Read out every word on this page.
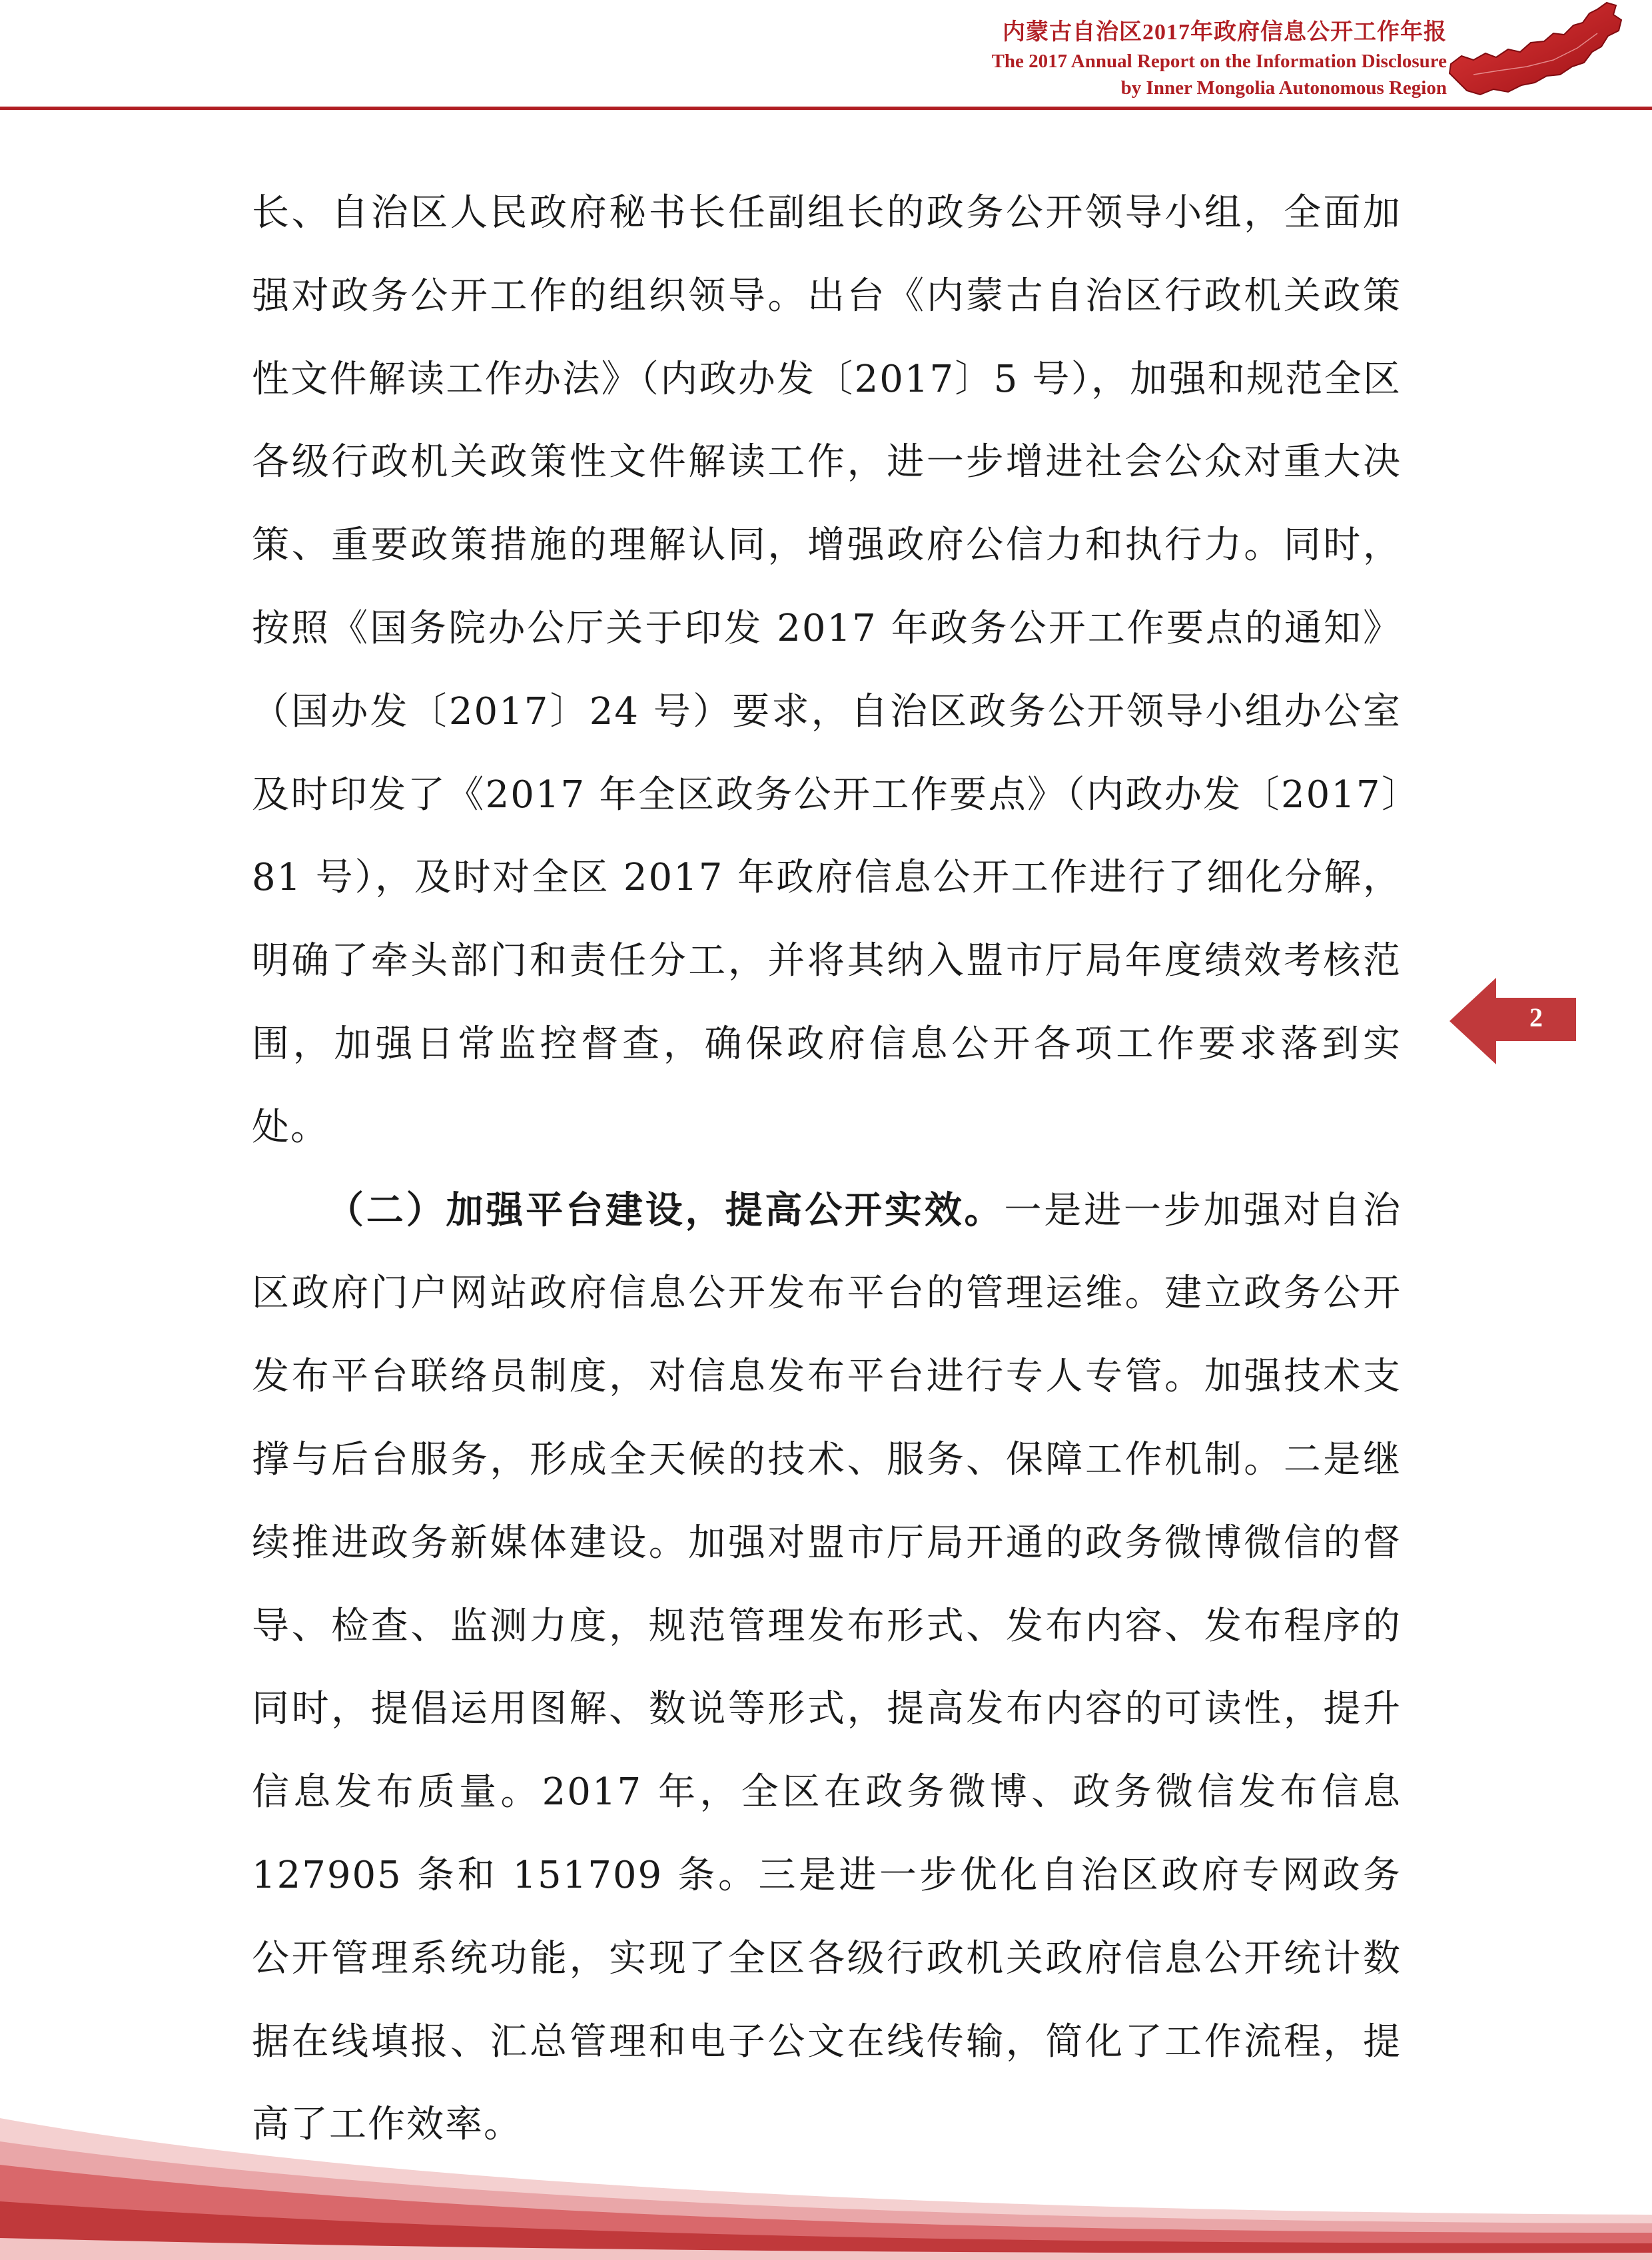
内蒙古自治区2017年政府信息公开工作年报
The 2017 Annual Report on the Information Disclosure
by Inner Mongolia Autonomous Region

长、自治区人民政府秘书长任副组长的政务公开领导小组，全面加强对政务公开工作的组织领导。出台《内蒙古自治区行政机关政策性文件解读工作办法》（内政办发〔2017〕5 号），加强和规范全区各级行政机关政策性文件解读工作，进一步增进社会公众对重大决策、重要政策措施的理解认同，增强政府公信力和执行力。同时，按照《国务院办公厅关于印发 2017 年政务公开工作要点的通知》（国办发〔2017〕24 号）要求，自治区政务公开领导小组办公室及时印发了《2017 年全区政务公开工作要点》（内政办发〔2017〕81 号），及时对全区 2017 年政府信息公开工作进行了细化分解，明确了牵头部门和责任分工，并将其纳入盟市厅局年度绩效考核范围，加强日常监控督查，确保政府信息公开各项工作要求落到实处。

（二）加强平台建设，提高公开实效。一是进一步加强对自治区政府门户网站政府信息公开发布平台的管理运维。建立政务公开发布平台联络员制度，对信息发布平台进行专人专管。加强技术支撑与后台服务，形成全天候的技术、服务、保障工作机制。二是继续推进政务新媒体建设。加强对盟市厅局开通的政务微博微信的督导、检查、监测力度，规范管理发布形式、发布内容、发布程序的同时，提倡运用图解、数说等形式，提高发布内容的可读性，提升信息发布质量。2017 年，全区在政务微博、政务微信发布信息 127905 条和 151709 条。三是进一步优化自治区政府专网政务公开管理系统功能，实现了全区各级行政机关政府信息公开统计数据在线填报、汇总管理和电子公文在线传输，简化了工作流程，提高了工作效率。

2
